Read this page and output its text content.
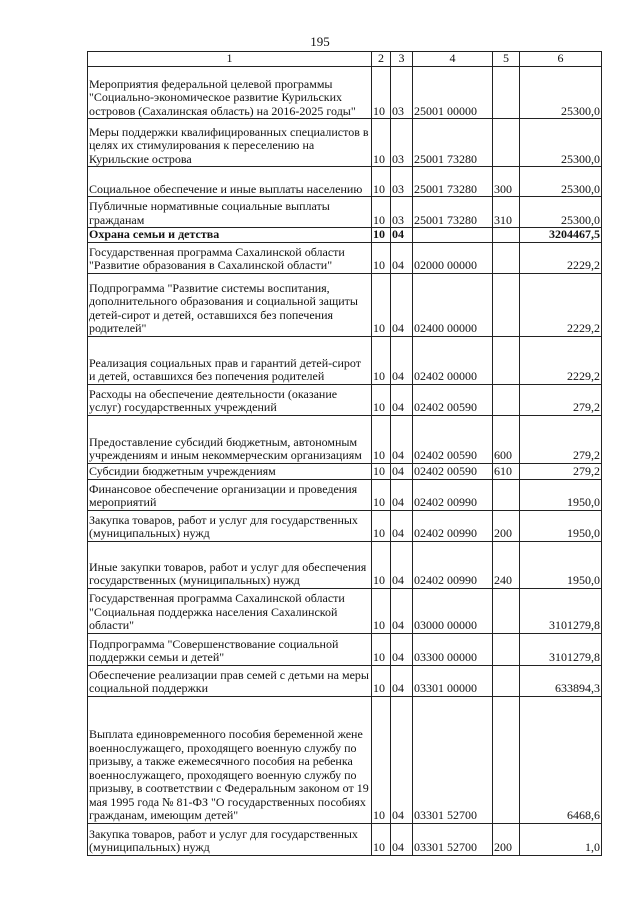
195
1	2	3	4	5	6
Мероприятия федеральной целевой программы "Социально-экономическое развитие Курильских островов (Сахалинская область) на 2016-2025 годы"	10	03	25001 00000		25300,0
Меры поддержки квалифицированных специалистов в целях их стимулирования к переселению на Курильские острова	10	03	25001 73280		25300,0
Социальное обеспечение и иные выплаты населению	10	03	25001 73280	300	25300,0
Публичные нормативные социальные выплаты гражданам	10	03	25001 73280	310	25300,0
Охрана семьи и детства	10	04			3204467,5
Государственная программа Сахалинской области "Развитие образования в Сахалинской области"	10	04	02000 00000		2229,2
Подпрограмма "Развитие системы воспитания, дополнительного образования и социальной защиты детей-сирот и детей, оставшихся без попечения родителей"	10	04	02400 00000		2229,2
Реализация социальных прав и гарантий детей-сирот и детей, оставшихся без попечения родителей	10	04	02402 00000		2229,2
Расходы на обеспечение деятельности (оказание услуг) государственных учреждений	10	04	02402 00590		279,2
Предоставление субсидий бюджетным, автономным учреждениям и иным некоммерческим организациям	10	04	02402 00590	600	279,2
Субсидии бюджетным учреждениям	10	04	02402 00590	610	279,2
Финансовое обеспечение организации и проведения мероприятий	10	04	02402 00990		1950,0
Закупка товаров, работ и услуг для государственных (муниципальных) нужд	10	04	02402 00990	200	1950,0
Иные закупки товаров, работ и услуг для обеспечения государственных (муниципальных) нужд	10	04	02402 00990	240	1950,0
Государственная программа Сахалинской области "Социальная поддержка населения Сахалинской области"	10	04	03000 00000		3101279,8
Подпрограмма "Совершенствование социальной поддержки семьи и детей"	10	04	03300 00000		3101279,8
Обеспечение реализации прав семей с детьми на меры социальной поддержки	10	04	03301 00000		633894,3
Выплата единовременного пособия беременной жене военнослужащего, проходящего военную службу по призыву, а также ежемесячного пособия на ребенка военнослужащего, проходящего военную службу по призыву, в соответствии с Федеральным законом от 19 мая 1995 года № 81-ФЗ "О государственных пособиях гражданам, имеющим детей"	10	04	03301 52700		6468,6
Закупка товаров, работ и услуг для государственных (муниципальных) нужд	10	04	03301 52700	200	1,0
